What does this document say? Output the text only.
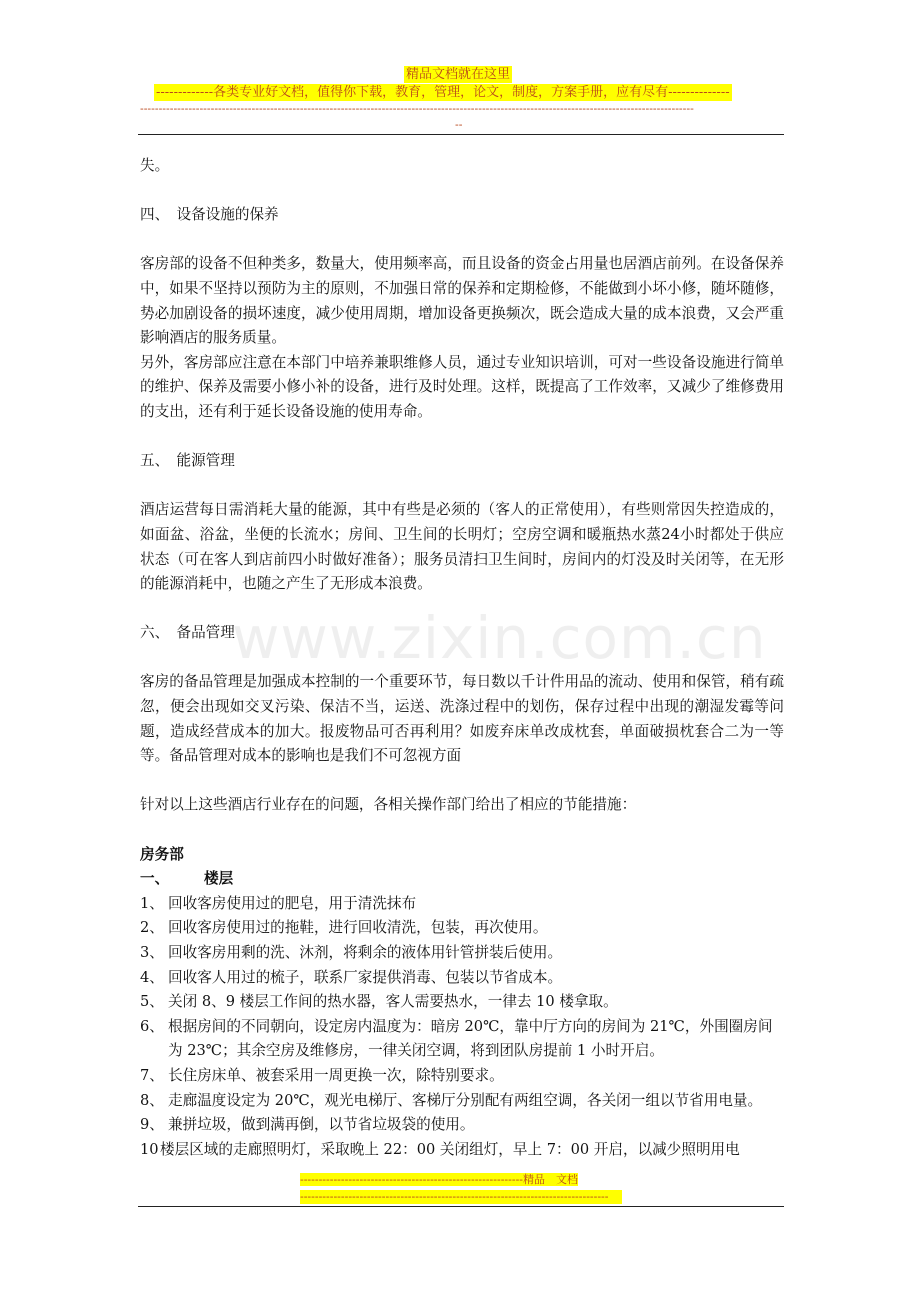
精品文档就在这里
-------------各类专业好文档，值得你下载，教育，管理，论文，制度，方案手册，应有尽有--------------
-----------------------------------------------------------------------------------------------------------------------------------------------------
--
www.zixin.com.cn

失。

四、　设备设施的保养

客房部的设备不但种类多，数量大，使用频率高，而且设备的资金占用量也居酒店前列。在设备保养中，如果不坚持以预防为主的原则，不加强日常的保养和定期检修，不能做到小坏小修，随坏随修，势必加剧设备的损坏速度，减少使用周期，增加设备更换频次，既会造成大量的成本浪费，又会严重影响酒店的服务质量。

另外，客房部应注意在本部门中培养兼职维修人员，通过专业知识培训，可对一些设备设施进行简单的维护、保养及需要小修小补的设备，进行及时处理。这样，既提高了工作效率，又减少了维修费用的支出，还有利于延长设备设施的使用寿命。

五、　能源管理

酒店运营每日需消耗大量的能源，其中有些是必须的（客人的正常使用），有些则常因失控造成的，如面盆、浴盆，坐便的长流水；房间、卫生间的长明灯；空房空调和暖瓶热水蒸24小时都处于供应状态（可在客人到店前四小时做好准备）；服务员清扫卫生间时，房间内的灯没及时关闭等，在无形的能源消耗中，也随之产生了无形成本浪费。

六、　备品管理

客房的备品管理是加强成本控制的一个重要环节，每日数以千计件用品的流动、使用和保管，稍有疏忽，便会出现如交叉污染、保洁不当，运送、洗涤过程中的划伤，保存过程中出现的潮湿发霉等问题，造成经营成本的加大。报废物品可否再利用？如废弃床单改成枕套，单面破损枕套合二为一等等。备品管理对成本的影响也是我们不可忽视方面

针对以上这些酒店行业存在的问题，各相关操作部门给出了相应的节能措施：

房务部

一、 楼层

1、 回收客房使用过的肥皂，用于清洗抹布
2、 回收客房使用过的拖鞋，进行回收清洗，包装，再次使用。
3、 回收客房用剩的洗、沐剂，将剩余的液体用针管拼装后使用。
4、 回收客人用过的梳子，联系厂家提供消毒、包装以节省成本。
5、 关闭 8、9 楼层工作间的热水器，客人需要热水，一律去 10 楼拿取。
6、 根据房间的不同朝向，设定房内温度为：暗房 20℃，靠中厅方向的房间为 21℃，外围圈房间为 23℃；其余空房及维修房，一律关闭空调，将到团队房提前 1 小时开启。
7、 长住房床单、被套采用一周更换一次，除特别要求。
8、 走廊温度设定为 20℃，观光电梯厅、客梯厅分别配有两组空调，各关闭一组以节省用电量。
9、 兼拼垃圾，做到满再倒，以节省垃圾袋的使用。
10 楼层区域的走廊照明灯，采取晚上 22：00 关闭组灯，早上 7：00 开启，以减少照明用电
------------------------------------------------------------精品　文档
-----------------------------------------------------------------------------------
